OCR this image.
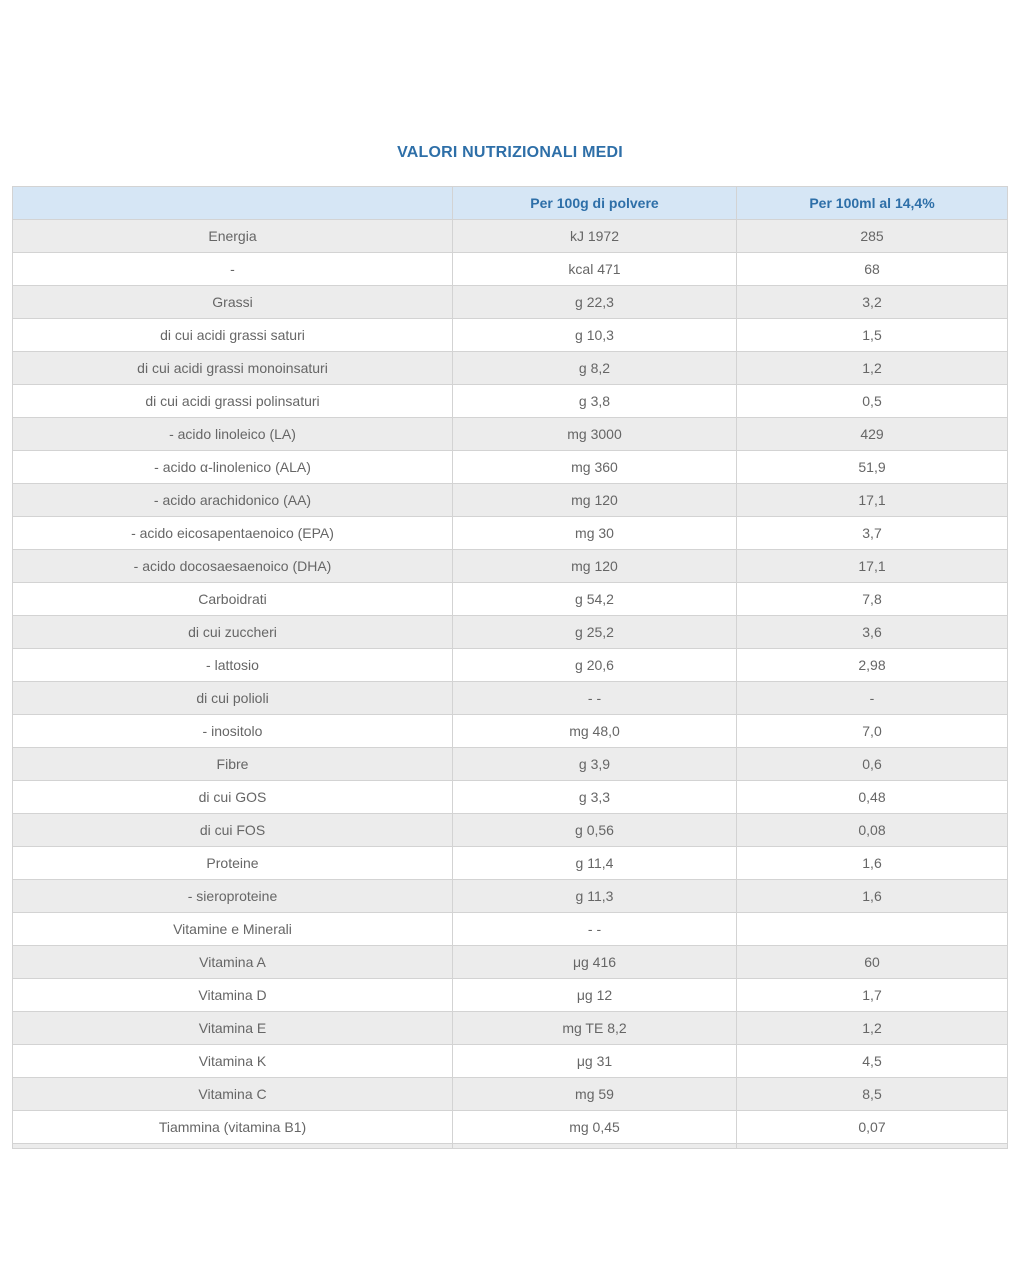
VALORI NUTRIZIONALI MEDI
	Per 100g di polvere	Per 100ml al 14,4%
Energia	kJ 1972	285
-	kcal 471	68
Grassi	g 22,3	3,2
di cui acidi grassi saturi	g 10,3	1,5
di cui acidi grassi monoinsaturi	g 8,2	1,2
di cui acidi grassi polinsaturi	g 3,8	0,5
- acido linoleico (LA)	mg 3000	429
- acido α-linolenico (ALA)	mg 360	51,9
- acido arachidonico (AA)	mg 120	17,1
- acido eicosapentaenoico (EPA)	mg 30	3,7
- acido docosaesaenoico (DHA)	mg 120	17,1
Carboidrati	g 54,2	7,8
di cui zuccheri	g 25,2	3,6
- lattosio	g 20,6	2,98
di cui polioli	- -	-
- inositolo	mg 48,0	7,0
Fibre	g 3,9	0,6
di cui GOS	g 3,3	0,48
di cui FOS	g 0,56	0,08
Proteine	g 11,4	1,6
- sieroproteine	g 11,3	1,6
Vitamine e Minerali	- -	
Vitamina A	μg 416	60
Vitamina D	μg 12	1,7
Vitamina E	mg TE 8,2	1,2
Vitamina K	μg 31	4,5
Vitamina C	mg 59	8,5
Tiammina (vitamina B1)	mg 0,45	0,07
